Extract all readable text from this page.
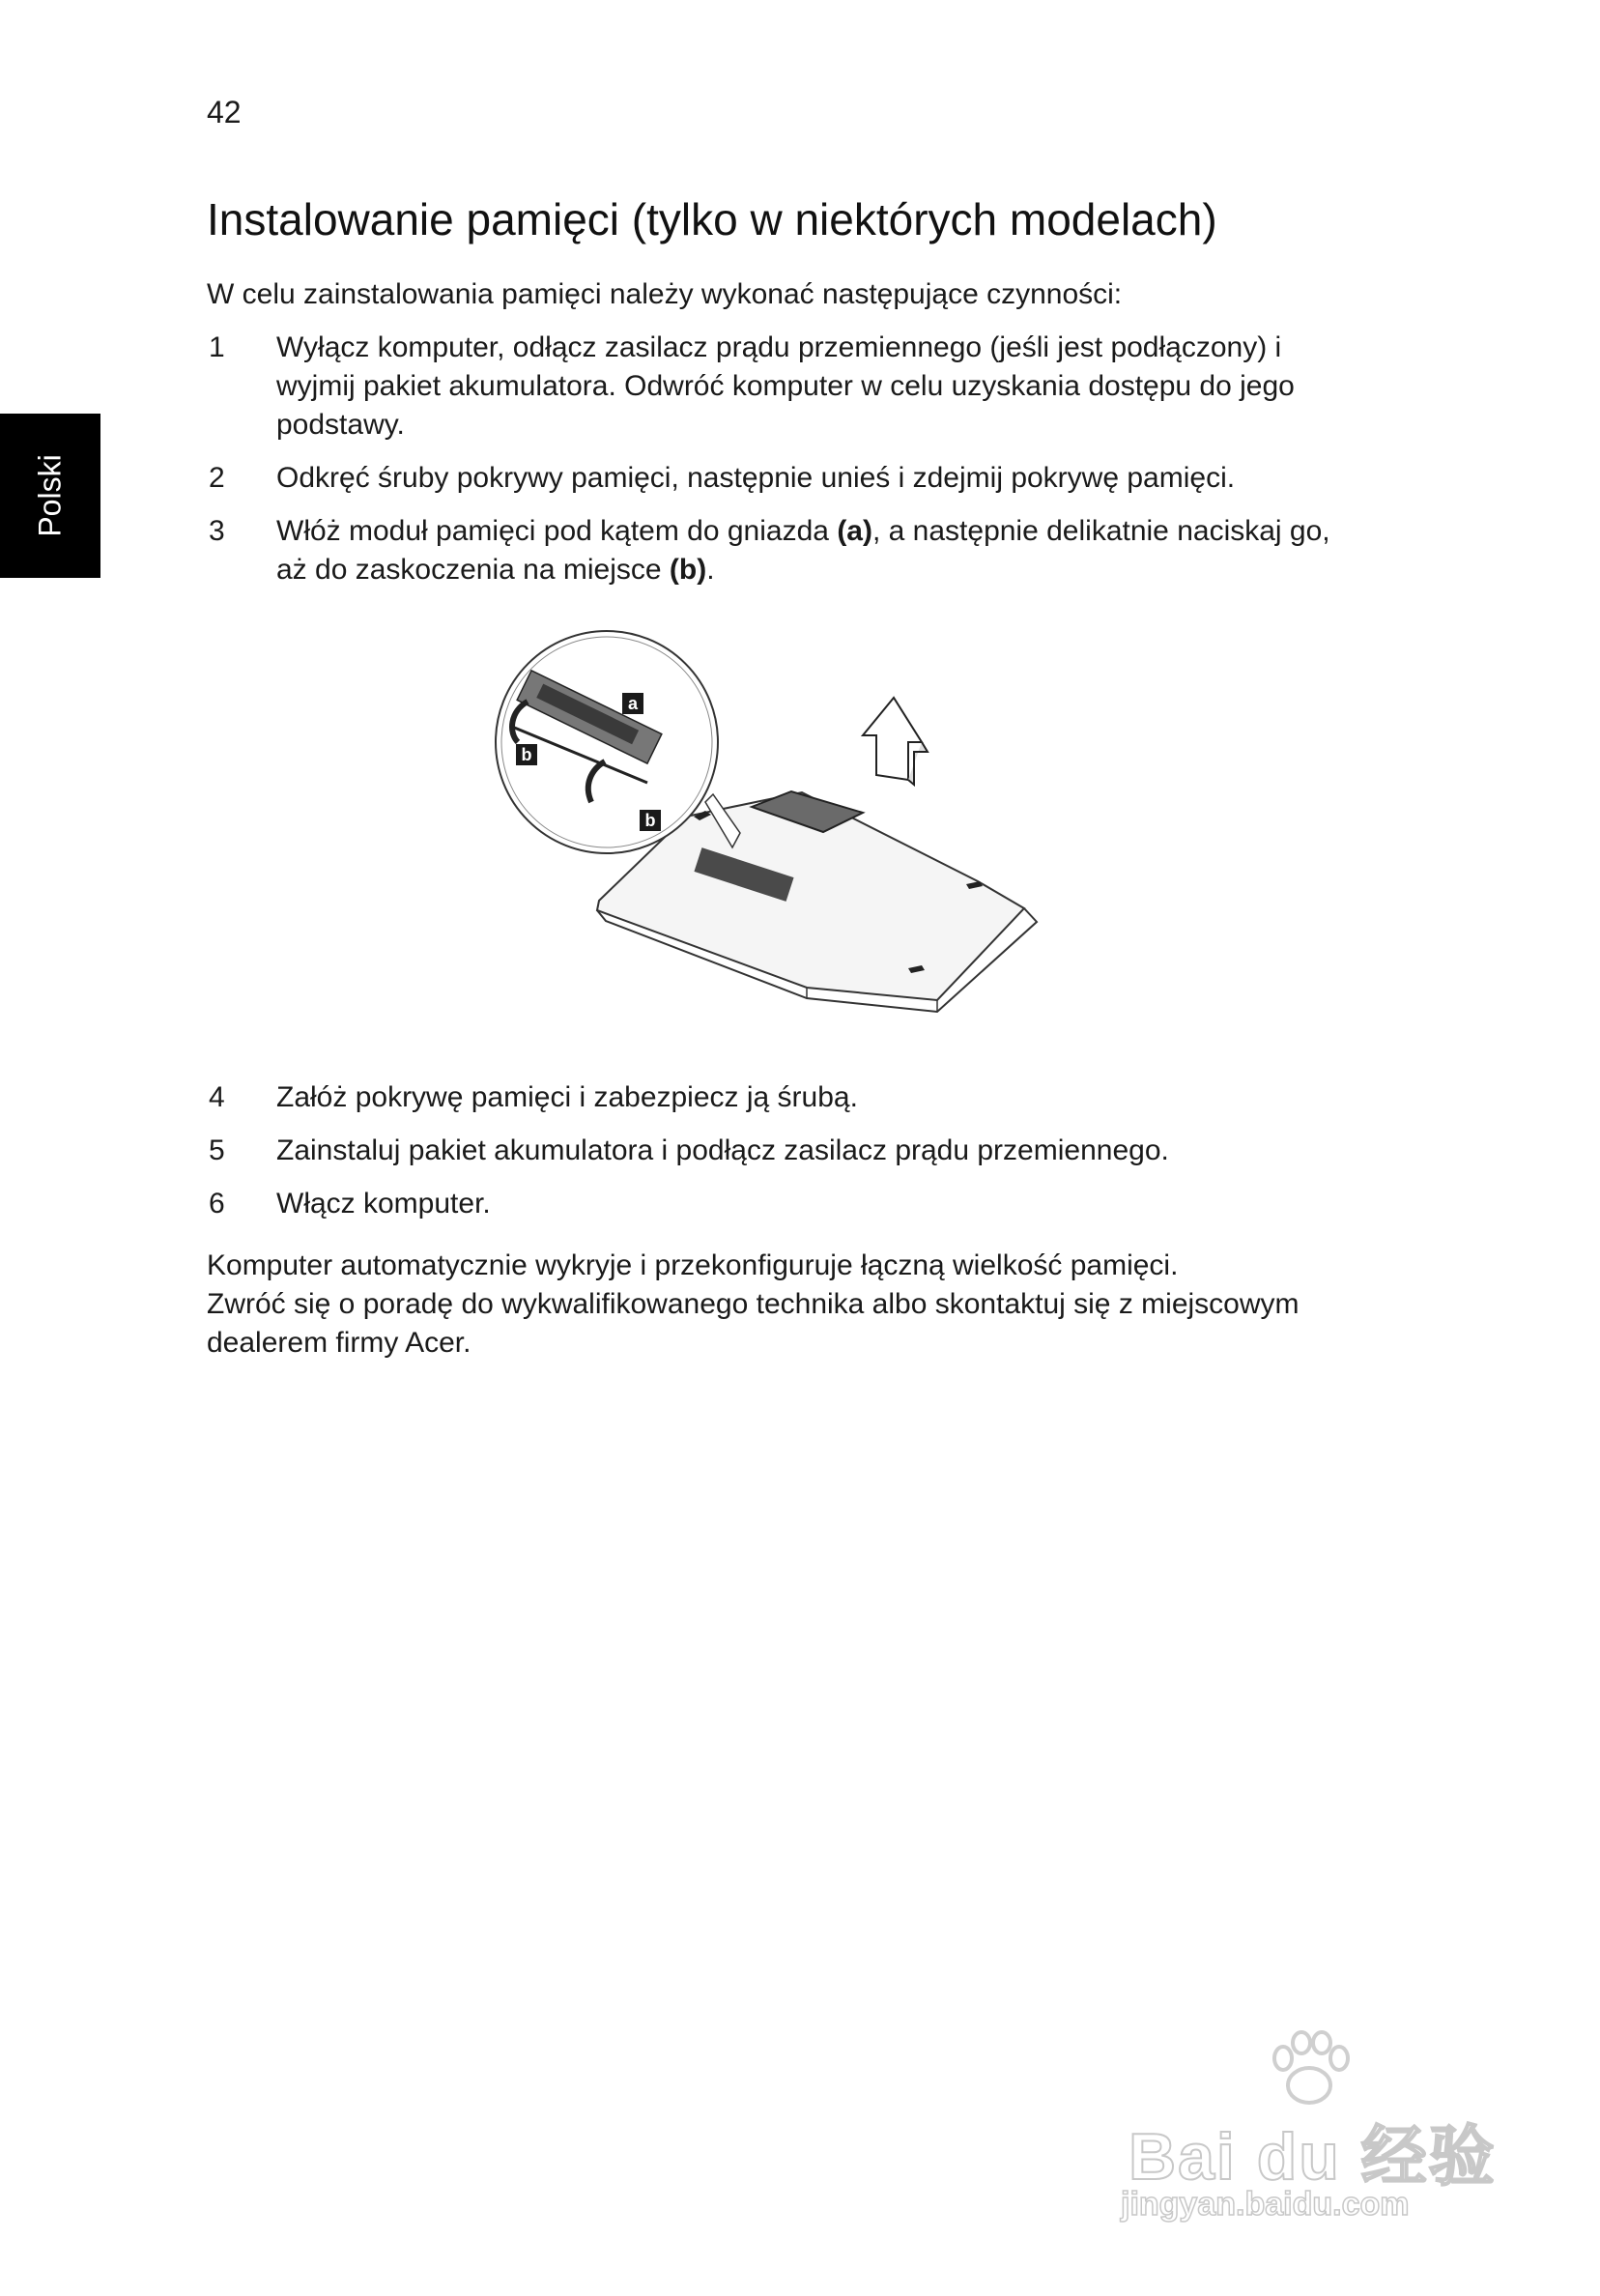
42
Polski
Instalowanie pamięci (tylko w niektórych modelach)

W celu zainstalowania pamięci należy wykonać następujące czynności:

1 Wyłącz komputer, odłącz zasilacz prądu przemiennego (jeśli jest podłączony) i wyjmij pakiet akumulatora. Odwróć komputer w celu uzyskania dostępu do jego podstawy.
2 Odkręć śruby pokrywy pamięci, następnie unieś i zdejmij pokrywę pamięci.
3 Włóż moduł pamięci pod kątem do gniazda (a), a następnie delikatnie naciskaj go, aż do zaskoczenia na miejsce (b).
a
b
b
4 Załóż pokrywę pamięci i zabezpiecz ją śrubą.
5 Zainstaluj pakiet akumulatora i podłącz zasilacz prądu przemiennego.
6 Włącz komputer.

Komputer automatycznie wykryje i przekonfiguruje łączną wielkość pamięci.
Zwróć się o poradę do wykwalifikowanego technika albo skontaktuj się z miejscowym dealerem firmy Acer.

Bai du 经验
jingyan.baidu.com
